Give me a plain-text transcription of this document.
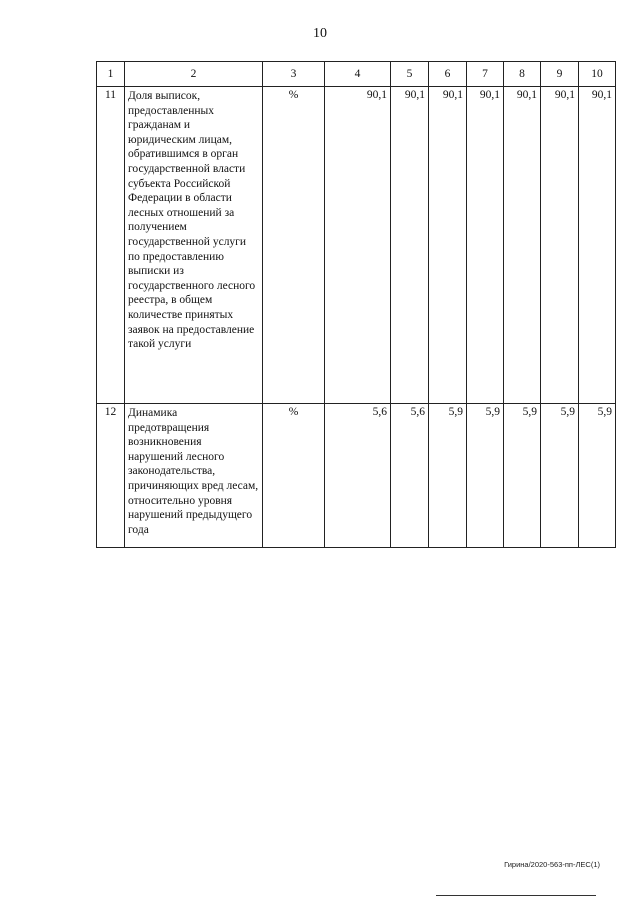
10
1	2	3	4	5	6	7	8	9	10
11	Доля выписок, предоставленных гражданам и юридическим лицам, обратившимся в орган государственной власти субъекта Российской Федерации в области лесных отношений за получением государственной услуги по предоставлению выписки из государственного лесного реестра, в общем количестве принятых заявок на предоставление такой услуги	%	90,1	90,1	90,1	90,1	90,1	90,1	90,1
12	Динамика предотвращения возникновения нарушений лесного законодательства, причиняющих вред лесам, относительно уровня нарушений предыдущего года	%	5,6	5,6	5,9	5,9	5,9	5,9	5,9
Гирина/2020-563-пп-ЛЕС(1)
